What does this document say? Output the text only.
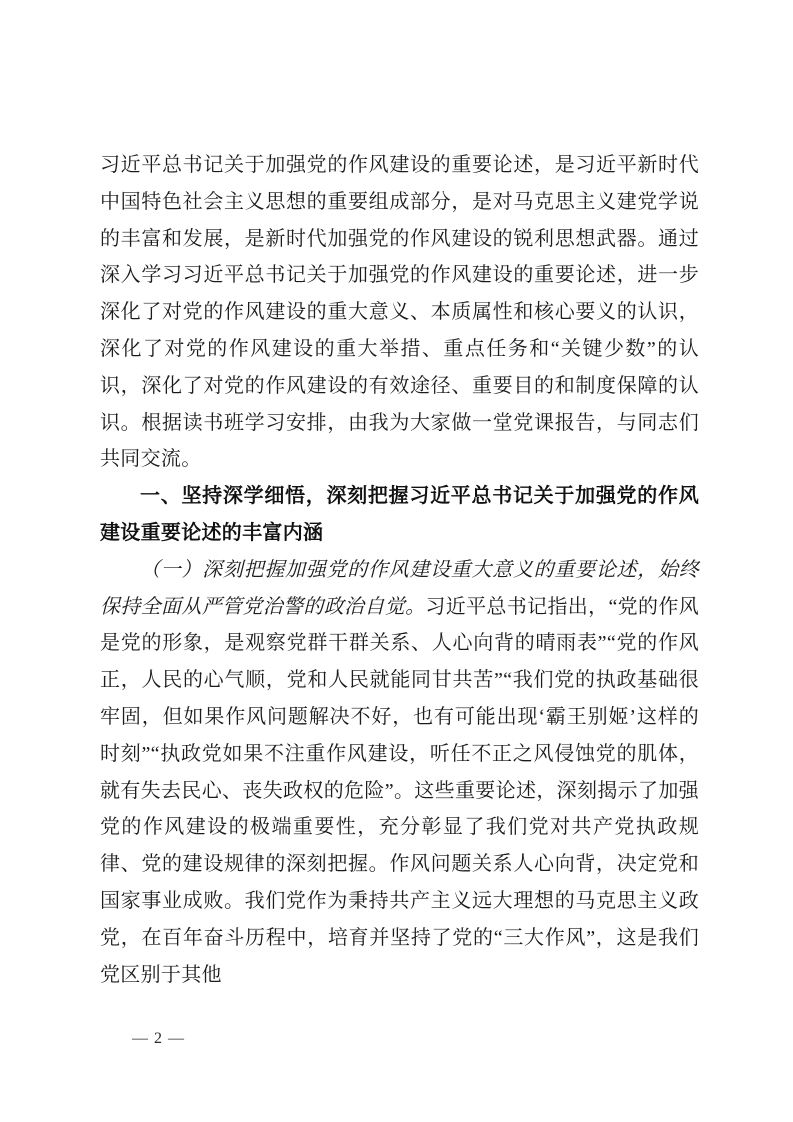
习近平总书记关于加强党的作风建设的重要论述，是习近平新时代中国特色社会主义思想的重要组成部分，是对马克思主义建党学说的丰富和发展，是新时代加强党的作风建设的锐利思想武器。通过深入学习习近平总书记关于加强党的作风建设的重要论述，进一步深化了对党的作风建设的重大意义、本质属性和核心要义的认识，深化了对党的作风建设的重大举措、重点任务和“关键少数”的认识，深化了对党的作风建设的有效途径、重要目的和制度保障的认识。根据读书班学习安排，由我为大家做一堂党课报告，与同志们共同交流。

一、坚持深学细悟，深刻把握习近平总书记关于加强党的作风建设重要论述的丰富内涵

（一）深刻把握加强党的作风建设重大意义的重要论述，始终保持全面从严管党治警的政治自觉。习近平总书记指出，“党的作风是党的形象，是观察党群干群关系、人心向背的晴雨表”“党的作风正，人民的心气顺，党和人民就能同甘共苦”“我们党的执政基础很牢固，但如果作风问题解决不好，也有可能出现‘霸王别姬’这样的时刻”“执政党如果不注重作风建设，听任不正之风侵蚀党的肌体，就有失去民心、丧失政权的危险”。这些重要论述，深刻揭示了加强党的作风建设的极端重要性，充分彰显了我们党对共产党执政规律、党的建设规律的深刻把握。作风问题关系人心向背，决定党和国家事业成败。我们党作为秉持共产主义远大理想的马克思主义政党，在百年奋斗历程中，培育并坚持了党的“三大作风”，这是我们党区别于其他

— 2 —
